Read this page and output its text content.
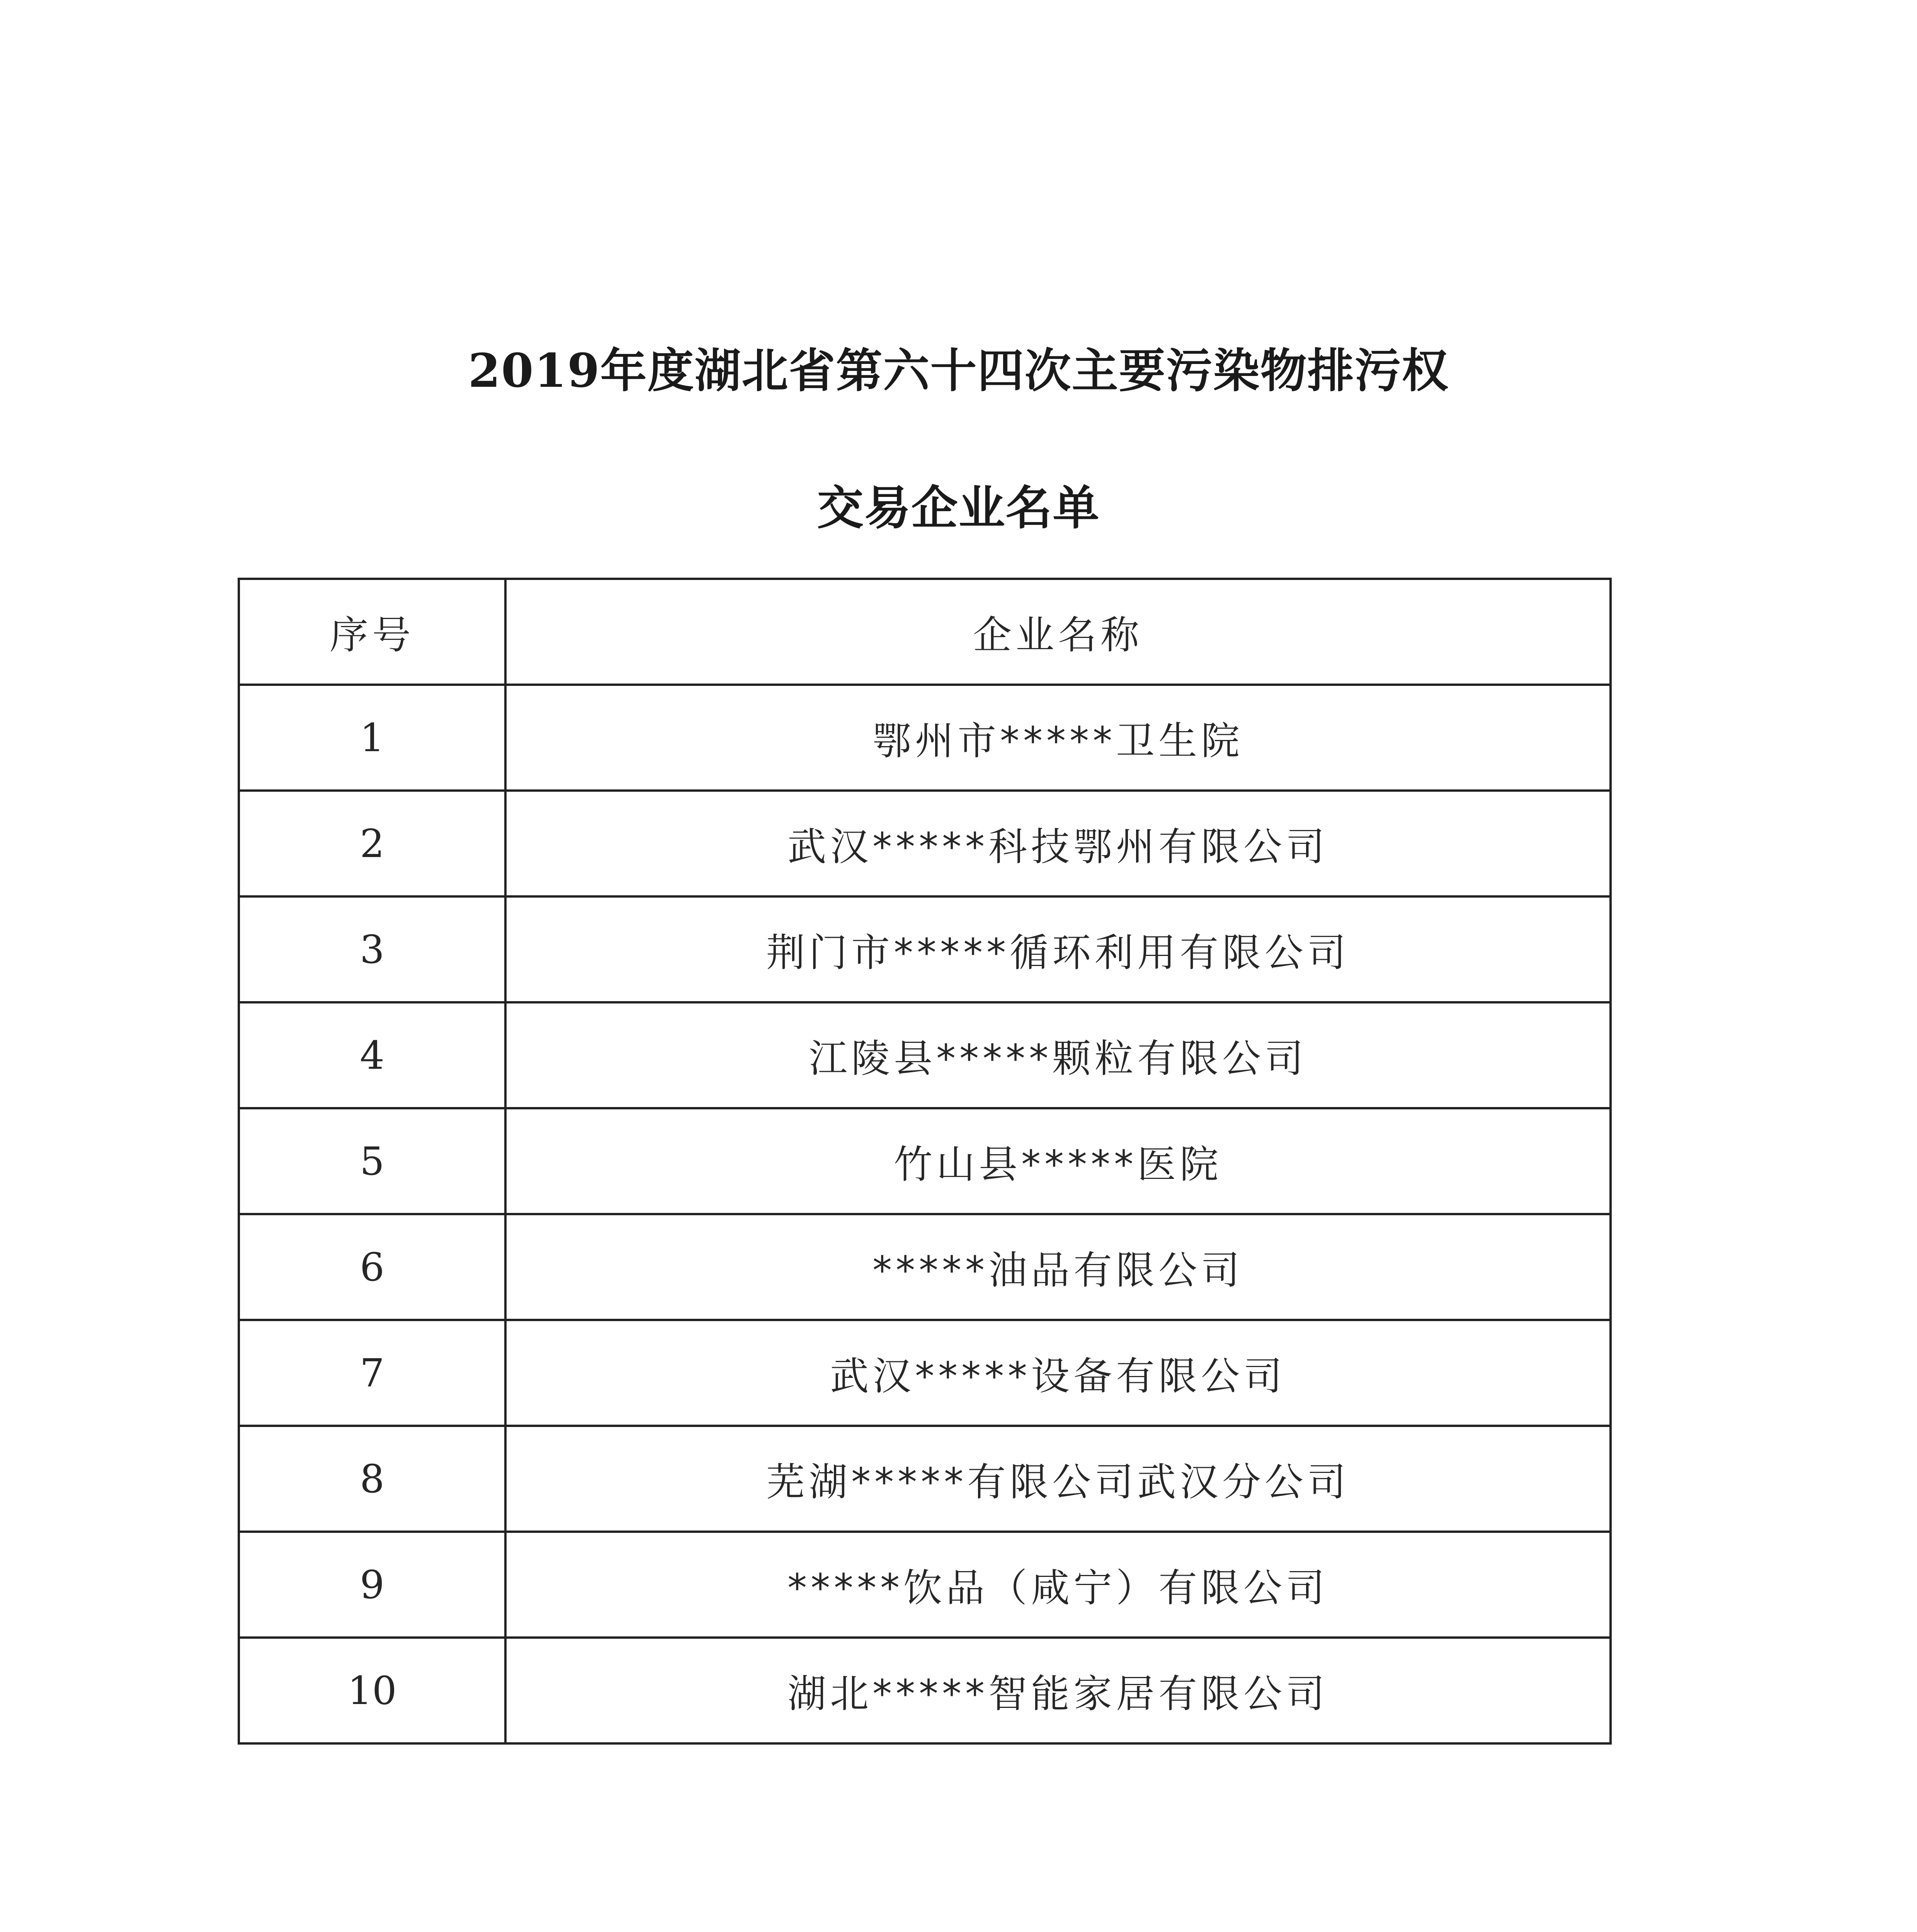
2019年度湖北省第六十四次主要污染物排污权
交易企业名单
序号	企业名称
1	鄂州市*****卫生院
2	武汉*****科技鄂州有限公司
3	荆门市*****循环利用有限公司
4	江陵县*****颗粒有限公司
5	竹山县*****医院
6	*****油品有限公司
7	武汉*****设备有限公司
8	芜湖*****有限公司武汉分公司
9	*****饮品（咸宁）有限公司
10	湖北*****智能家居有限公司
